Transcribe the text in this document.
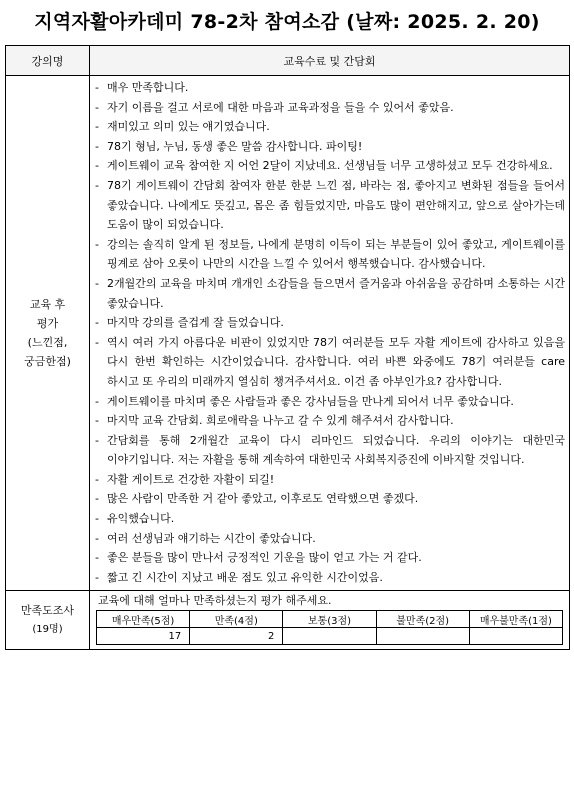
지역자활아카데미 78-2차 참여소감 (날짜: 2025. 2. 20)
강의명	교육수료 및 간담회

교육 후
평가
(느낀점,
궁금한점)

- 매우 만족합니다.
- 자기 이름을 걸고 서로에 대한 마음과 교육과정을 들을 수 있어서 좋았음.
- 재미있고 의미 있는 얘기였습니다.
- 78기 형님, 누님, 동생 좋은 말씀 감사합니다. 파이팅!
- 게이트웨이 교육 참여한 지 어언 2달이 지났네요. 선생님들 너무 고생하셨고 모두 건강하세요.
- 78기 게이트웨이 간담회 참여자 한분 한분 느낀 점, 바라는 점, 좋아지고 변화된 점들을 들어서 좋았습니다. 나에게도 뜻깊고, 몸은 좀 힘들었지만, 마음도 많이 편안해지고, 앞으로 살아가는데 도움이 많이 되었습니다.
- 강의는 솔직히 알게 된 정보들, 나에게 분명히 이득이 되는 부분들이 있어 좋았고, 게이트웨이를 핑계로 삼아 오롯이 나만의 시간을 느낄 수 있어서 행복했습니다. 감사했습니다.
- 2개월간의 교육을 마치며 개개인 소감들을 들으면서 즐거움과 아쉬움을 공감하며 소통하는 시간 좋았습니다.
- 마지막 강의를 즐겁게 잘 들었습니다.
- 역시 여러 가지 아름다운 비판이 있었지만 78기 여러분들 모두 자활 게이트에 감사하고 있음을 다시 한번 확인하는 시간이었습니다. 감사합니다. 여러 바쁜 와중에도 78기 여러분들 care 하시고 또 우리의 미래까지 열심히 챙겨주셔서요. 이건 좀 아부인가요? 감사합니다.
- 게이트웨이를 마치며 좋은 사람들과 좋은 강사님들을 만나게 되어서 너무 좋았습니다.
- 마지막 교육 간담회. 희로애락을 나누고 갈 수 있게 해주셔서 감사합니다.
- 간담회를 통해 2개월간 교육이 다시 리마인드 되었습니다. 우리의 이야기는 대한민국 이야기입니다. 저는 자활을 통해 계속하여 대한민국 사회복지증진에 이바지할 것입니다.
- 자활 게이트로 건강한 자활이 되길!
- 많은 사람이 만족한 거 같아 좋았고, 이후로도 연락했으면 좋겠다.
- 유익했습니다.
- 여러 선생님과 얘기하는 시간이 좋았습니다.
- 좋은 분들을 많이 만나서 긍정적인 기운을 많이 얻고 가는 거 같다.
- 짧고 긴 시간이 지났고 배운 점도 있고 유익한 시간이었음.

만족도조사
(19명)

교육에 대해 얼마나 만족하셨는지 평가 해주세요.
매우만족(5점)	만족(4점)	보통(3점)	불만족(2점)	매우불만족(1점)
17	2			
